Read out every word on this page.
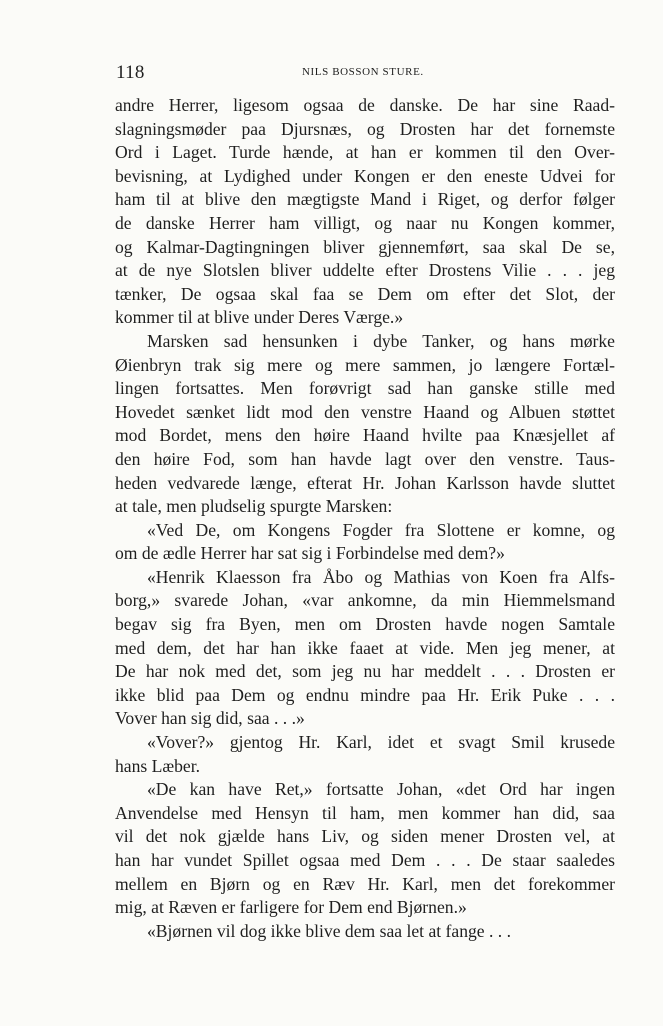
118	NILS BOSSON STURE.
andre Herrer, ligesom ogsaa de danske. De har sine Raad-
slagningsmøder paa Djursnæs, og Drosten har det fornemste
Ord i Laget. Turde hænde, at han er kommen til den Over-
bevisning, at Lydighed under Kongen er den eneste Udvei for
ham til at blive den mægtigste Mand i Riget, og derfor følger
de danske Herrer ham villigt, og naar nu Kongen kommer,
og Kalmar-Dagtingningen bliver gjennemført, saa skal De se,
at de nye Slotslen bliver uddelte efter Drostens Vilie . . . jeg
tænker, De ogsaa skal faa se Dem om efter det Slot, der
kommer til at blive under Deres Værge.»
Marsken sad hensunken i dybe Tanker, og hans mørke
Øienbryn trak sig mere og mere sammen, jo længere Fortæl-
lingen fortsattes. Men forøvrigt sad han ganske stille med
Hovedet sænket lidt mod den venstre Haand og Albuen støttet
mod Bordet, mens den høire Haand hvilte paa Knæsjellet af
den høire Fod, som han havde lagt over den venstre. Taus-
heden vedvarede længe, efterat Hr. Johan Karlsson havde sluttet
at tale, men pludselig spurgte Marsken:
«Ved De, om Kongens Fogder fra Slottene er komne, og
om de ædle Herrer har sat sig i Forbindelse med dem?»
«Henrik Klaesson fra Åbo og Mathias von Koen fra Alfs-
borg,» svarede Johan, «var ankomne, da min Hiemmelsmand
begav sig fra Byen, men om Drosten havde nogen Samtale
med dem, det har han ikke faaet at vide. Men jeg mener, at
De har nok med det, som jeg nu har meddelt . . . Drosten er
ikke blid paa Dem og endnu mindre paa Hr. Erik Puke . . .
Vover han sig did, saa . . .»
«Vover?» gjentog Hr. Karl, idet et svagt Smil krusede
hans Læber.
«De kan have Ret,» fortsatte Johan, «det Ord har ingen
Anvendelse med Hensyn til ham, men kommer han did, saa
vil det nok gjælde hans Liv, og siden mener Drosten vel, at
han har vundet Spillet ogsaa med Dem . . . De staar saaledes
mellem en Bjørn og en Ræv Hr. Karl, men det forekommer
mig, at Ræven er farligere for Dem end Bjørnen.»
«Bjørnen vil dog ikke blive dem saa let at fange . . .
